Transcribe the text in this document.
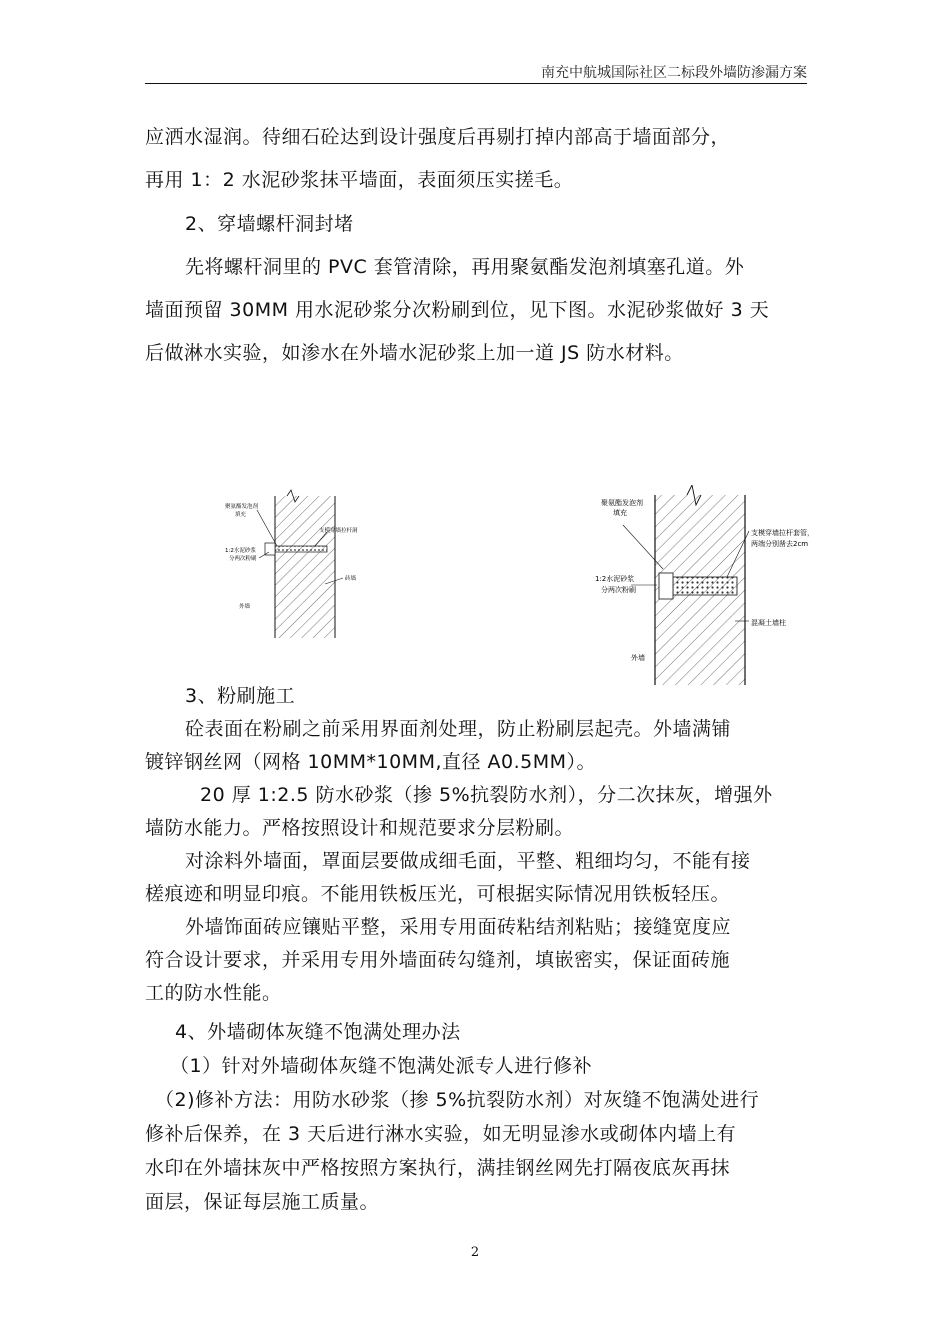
南充中航城国际社区二标段外墙防渗漏方案
应洒水湿润。待细石砼达到设计强度后再剔打掉内部高于墙面部分，
再用 1：2 水泥砂浆抹平墙面，表面须压实搓毛。
2、穿墙螺杆洞封堵
先将螺杆洞里的 PVC 套管清除，再用聚氨酯发泡剂填塞孔道。外
墙面预留 30MM 用水泥砂浆分次粉刷到位，见下图。水泥砂浆做好 3 天
后做淋水实验，如渗水在外墙水泥砂浆上加一道 JS 防水材料。
聚氨酯发泡剂
填充
支模穿墙拉杆洞
1:2水泥砂浆
分两次粉刷
砖墙
外墙
聚氨酯发泡剂
填充
支模穿墙拉杆套管，
两端分别凿去2cm
1:2水泥砂浆
分两次粉刷
混凝土墙柱
外墙
3、粉刷施工
砼表面在粉刷之前采用界面剂处理，防止粉刷层起壳。外墙满铺
镀锌钢丝网（网格 10MM*10MM,直径 A0.5MM）。
20 厚 1:2.5 防水砂浆（掺 5%抗裂防水剂），分二次抹灰，增强外
墙防水能力。严格按照设计和规范要求分层粉刷。
对涂料外墙面，罩面层要做成细毛面，平整、粗细均匀，不能有接
槎痕迹和明显印痕。不能用铁板压光，可根据实际情况用铁板轻压。
外墙饰面砖应镶贴平整，采用专用面砖粘结剂粘贴；接缝宽度应
符合设计要求，并采用专用外墙面砖勾缝剂，填嵌密实，保证面砖施
工的防水性能。
4、外墙砌体灰缝不饱满处理办法
（1）针对外墙砌体灰缝不饱满处派专人进行修补
（2)修补方法：用防水砂浆（掺 5%抗裂防水剂）对灰缝不饱满处进行
修补后保养，在 3 天后进行淋水实验，如无明显渗水或砌体内墙上有
水印在外墙抹灰中严格按照方案执行，满挂钢丝网先打隔夜底灰再抹
面层，保证每层施工质量。
2
